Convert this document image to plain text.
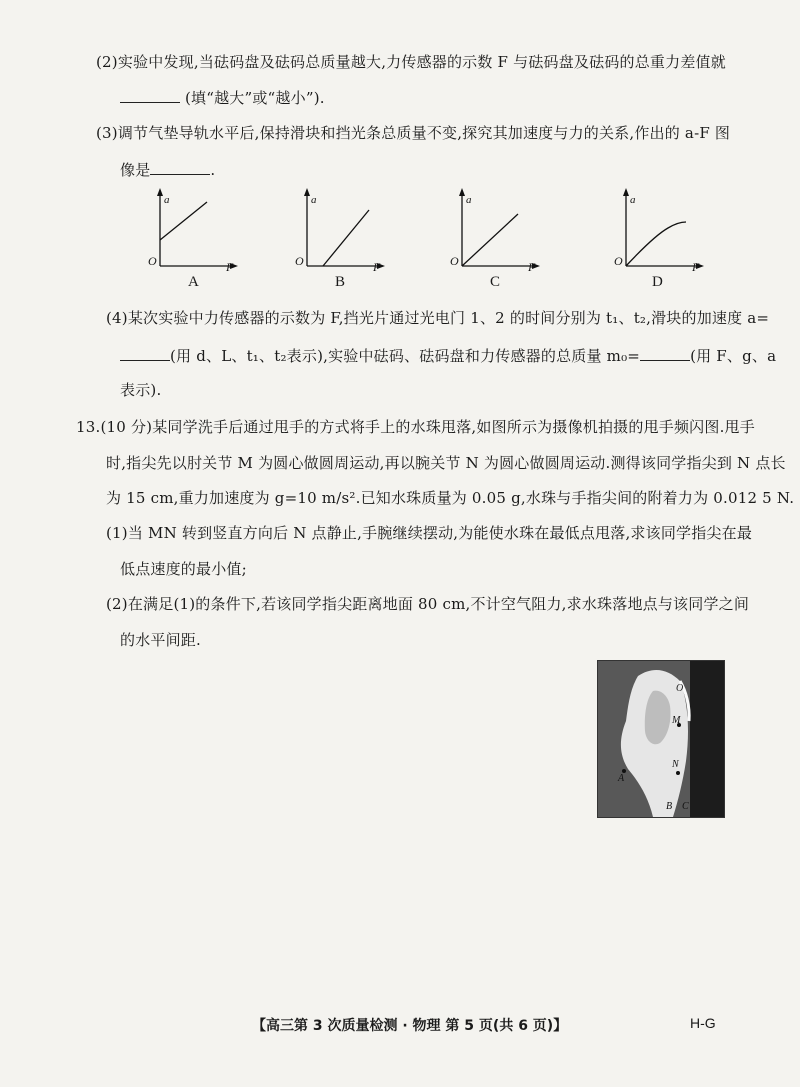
(2)实验中发现,当砝码盘及砝码总质量越大,力传感器的示数 F 与砝码盘及砝码的总重力差值就
(填“越大”或“越小”).
(3)调节气垫导轨水平后,保持滑块和挡光条总质量不变,探究其加速度与力的关系,作出的 a-F 图
像是	.
a
O	F
A
a
O	F
B
a
O	F
C
a
O	F
D
(4)某次实验中力传感器的示数为 F,挡光片通过光电门 1、2 的时间分别为 t₁、t₂,滑块的加速度 a=
(用 d、L、t₁、t₂表示),实验中砝码、砝码盘和力传感器的总质量 m₀=	(用 F、g、a
表示).
13.(10 分)某同学洗手后通过甩手的方式将手上的水珠甩落,如图所示为摄像机拍摄的甩手频闪图.甩手
时,指尖先以肘关节 M 为圆心做圆周运动,再以腕关节 N 为圆心做圆周运动.测得该同学指尖到 N 点长
为 15 cm,重力加速度为 g=10 m/s².已知水珠质量为 0.05 g,水珠与手指尖间的附着力为 0.012 5 N.
(1)当 MN 转到竖直方向后 N 点静止,手腕继续摆动,为能使水珠在最低点甩落,求该同学指尖在最
低点速度的最小值;
(2)在满足(1)的条件下,若该同学指尖距离地面 80 cm,不计空气阻力,求水珠落地点与该同学之间
的水平间距.
O
M
N
A
B C
【高三第 3 次质量检测 · 物理 第 5 页(共 6 页)】	H-G
